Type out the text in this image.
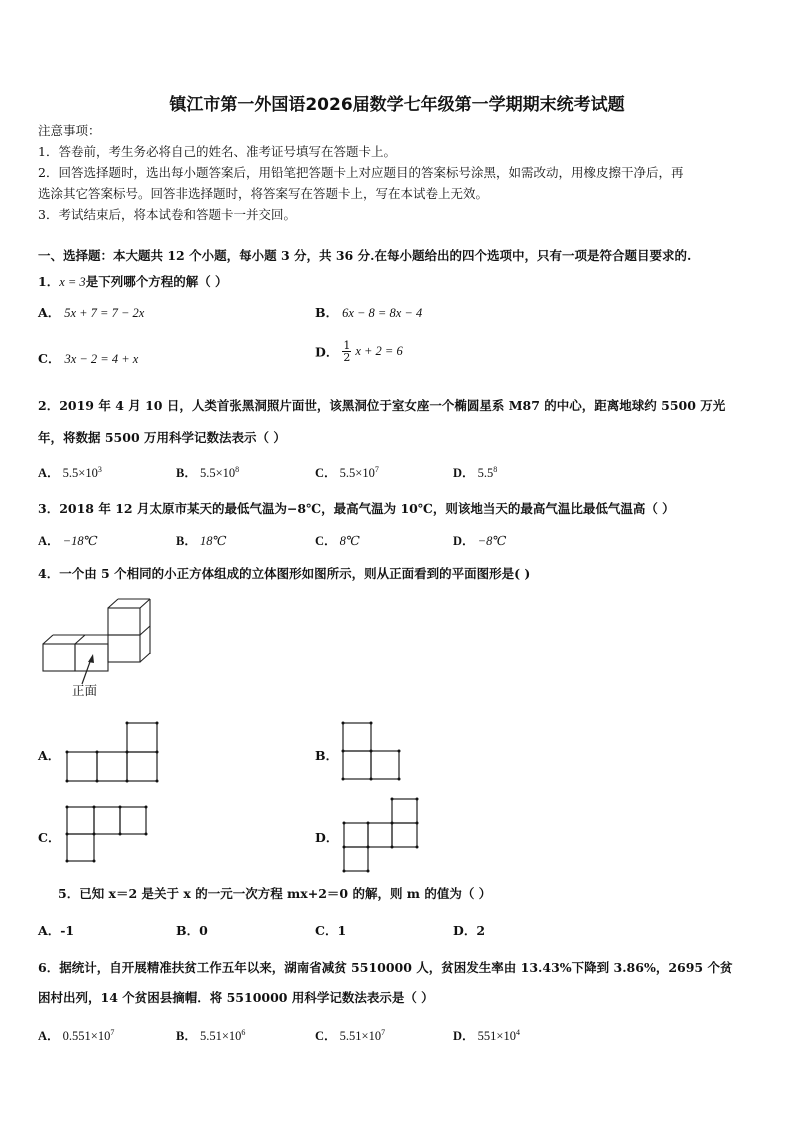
镇江市第一外国语2026届数学七年级第一学期期末统考试题
注意事项：
1．答卷前，考生务必将自己的姓名、准考证号填写在答题卡上。
2．回答选择题时，选出每小题答案后，用铅笔把答题卡上对应题目的答案标号涂黑，如需改动，用橡皮擦干净后，再
选涂其它答案标号。回答非选择题时，将答案写在答题卡上，写在本试卷上无效。
3．考试结束后，将本试卷和答题卡一并交回。
一、选择题：本大题共 12 个小题，每小题 3 分，共 36 分.在每小题给出的四个选项中，只有一项是符合题目要求的.
1．x = 3是下列哪个方程的解（ ）
A． 5x + 7 = 7 − 2x	B． 6x − 8 = 8x − 4
C． 3x − 2 = 4 + x	D． $\frac{1}{2}$ x + 2 = 6
2．2019 年 4 月 10 日，人类首张黑洞照片面世，该黑洞位于室女座一个椭圆星系 M87 的中心，距离地球约 5500 万光
年，将数据 5500 万用科学记数法表示（ ）
A． $5.5\times 10^3$	B． $5.5\times 10^8$	C． $5.5\times 10^7$	D． $5.5^8$
3．2018 年 12 月太原市某天的最低气温为−8℃，最高气温为 10℃，则该地当天的最高气温比最低气温高（ ）
A． −18℃	B． 18℃	C． 8℃	D． −8℃
4．一个由 5 个相同的小正方体组成的立体图形如图所示，则从正面看到的平面图形是( )
正面
A．	B．
C．	D．
5．已知 x＝2 是关于 x 的一元一次方程 mx+2＝0 的解，则 m 的值为（ ）
A．-1	B．0	C．1	D．2
6．据统计，自开展精准扶贫工作五年以来，湖南省减贫 5510000 人，贫困发生率由 13.43%下降到 3.86%，2695 个贫
困村出列，14 个贫困县摘帽．将 5510000 用科学记数法表示是（ ）
A． $0.551\times 10^7$	B． $5.51\times 10^6$	C． $5.51\times 10^7$	D． $551\times 10^4$
